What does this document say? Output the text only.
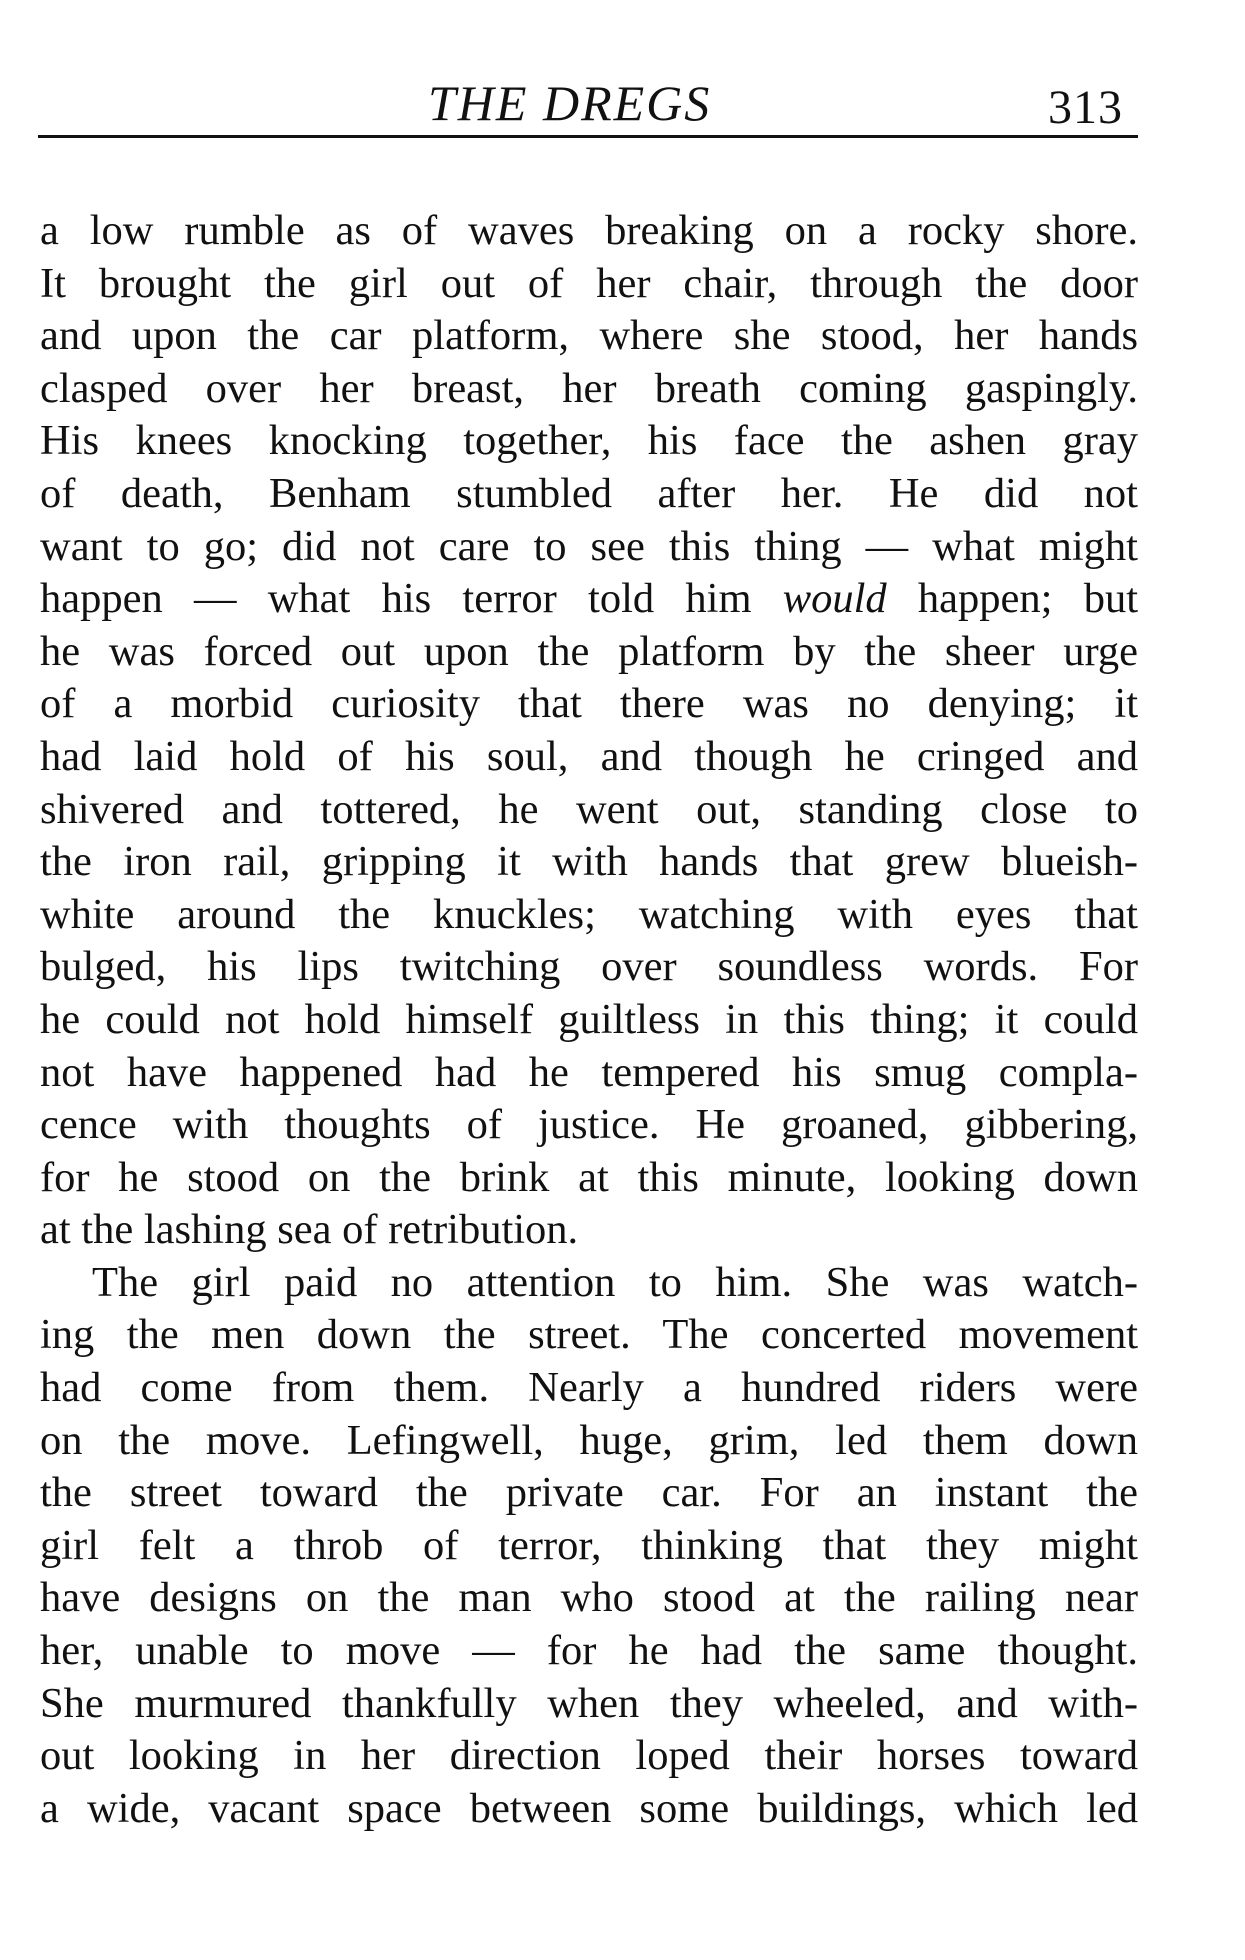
THE DREGS	313
a low rumble as of waves breaking on a rocky shore.
It brought the girl out of her chair, through the door
and upon the car platform, where she stood, her hands
clasped over her breast, her breath coming gaspingly.
His knees knocking together, his face the ashen gray
of death, Benham stumbled after her. He did not
want to go; did not care to see this thing — what might
happen — what his terror told him would happen; but
he was forced out upon the platform by the sheer urge
of a morbid curiosity that there was no denying; it
had laid hold of his soul, and though he cringed and
shivered and tottered, he went out, standing close to
the iron rail, gripping it with hands that grew blueish-
white around the knuckles; watching with eyes that
bulged, his lips twitching over soundless words. For
he could not hold himself guiltless in this thing; it could
not have happened had he tempered his smug compla-
cence with thoughts of justice. He groaned, gibbering,
for he stood on the brink at this minute, looking down
at the lashing sea of retribution.
The girl paid no attention to him. She was watch-
ing the men down the street. The concerted movement
had come from them. Nearly a hundred riders were
on the move. Lefingwell, huge, grim, led them down
the street toward the private car. For an instant the
girl felt a throb of terror, thinking that they might
have designs on the man who stood at the railing near
her, unable to move — for he had the same thought.
She murmured thankfully when they wheeled, and with-
out looking in her direction loped their horses toward
a wide, vacant space between some buildings, which led
